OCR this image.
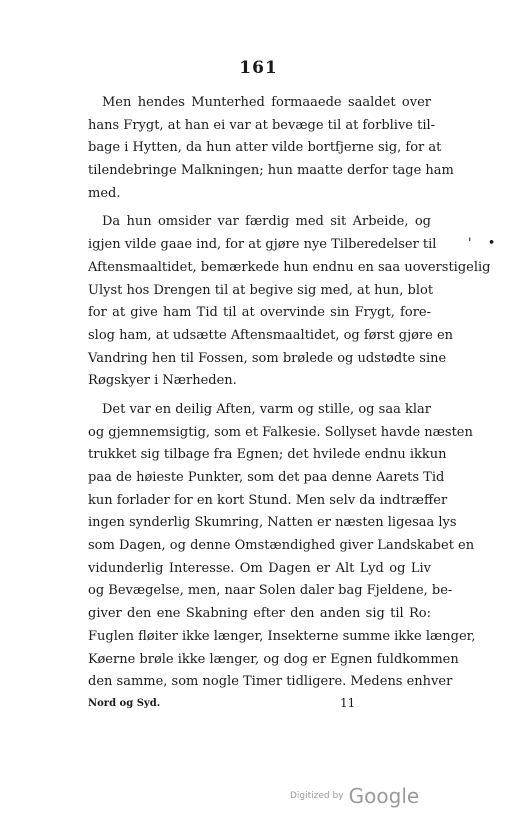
161
Men hendes Munterhed formaaede saaldet over
hans Frygt, at han ei var at bevæge til at forblive til-
bage i Hytten, da hun atter vilde bortfjerne sig, for at
tilendebringe Malkningen; hun maatte derfor tage ham
med.
Da hun omsider var færdig med sit Arbeide, og
igjen vilde gaae ind, for at gjøre nye Tilberedelser til
Aftensmaaltidet, bemærkede hun endnu en saa uoverstigelig
Ulyst hos Drengen til at begive sig med, at hun, blot
for at give ham Tid til at overvinde sin Frygt, fore-
slog ham, at udsætte Aftensmaaltidet, og først gjøre en
Vandring hen til Fossen, som brølede og udstødte sine
Røgskyer i Nærheden.
Det var en deilig Aften, varm og stille, og saa klar
og gjemnemsigtig, som et Falkesie. Sollyset havde næsten
trukket sig tilbage fra Egnen; det hvilede endnu ikkun
paa de høieste Punkter, som det paa denne Aarets Tid
kun forlader for en kort Stund. Men selv da indtræffer
ingen synderlig Skumring, Natten er næsten ligesaa lys
som Dagen, og denne Omstændighed giver Landskabet en
vidunderlig Interesse. Om Dagen er Alt Lyd og Liv
og Bevægelse, men, naar Solen daler bag Fjeldene, be-
giver den ene Skabning efter den anden sig til Ro:
Fuglen fløiter ikke længer, Insekterne summe ikke længer,
Køerne brøle ikke længer, og dog er Egnen fuldkommen
den samme, som nogle Timer tidligere. Medens enhver
Nord og Syd.	11
' •
Digitized by Google
